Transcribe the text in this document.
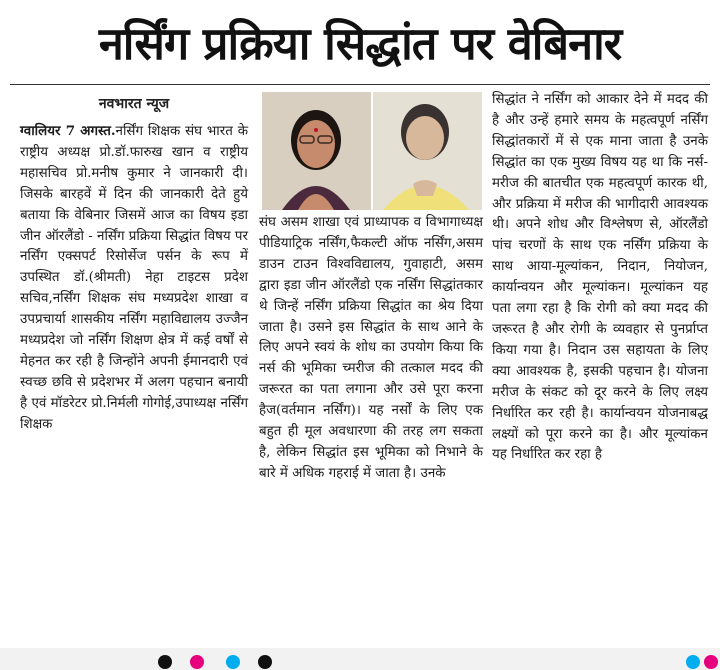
नर्सिंग प्रक्रिया सिद्धांत पर वेबिनार
नवभारत न्यूज

ग्वालियर 7 अगस्त.नर्सिंग शिक्षक संघ भारत के राष्ट्रीय अध्यक्ष प्रो.डॉ.फारुख खान व राष्ट्रीय महासचिव प्रो.मनीष कुमार ने जानकारी दी। जिसके बारहवें में दिन की जानकारी देते हुये बताया कि वेबिनार जिसमें आज का विषय इडा जीन ऑरलैंडो - नर्सिंग प्रक्रिया सिद्धांत विषय पर नर्सिंग एक्सपर्ट रिसोर्सेज पर्सन के रूप में उपस्थित डॉ.(श्रीमती) नेहा टाइटस प्रदेश सचिव,नर्सिंग शिक्षक संघ मध्यप्रदेश शाखा व उपप्रचार्या शासकीय नर्सिंग महाविद्यालय उज्जैन मध्यप्रदेश जो नर्सिंग शिक्षण क्षेत्र में कई वर्षों से मेहनत कर रही है जिन्होंने अपनी ईमानदारी एवं स्वच्छ छवि से प्रदेशभर में अलग पहचान बनायी है एवं मॉडरेटर प्रो.निर्मली गोगोई,उपाध्यक्ष नर्सिंग शिक्षक

संघ असम शाखा एवं प्राध्यापक व विभागाध्यक्ष पीडियाट्रिक नर्सिंग,फैकल्टी ऑफ नर्सिंग,असम डाउन टाउन विश्वविद्यालय, गुवाहाटी, असम द्वारा इडा जीन ऑरलैंडो एक नर्सिंग सिद्धांतकार थे जिन्हें नर्सिंग प्रक्रिया सिद्धांत का श्रेय दिया जाता है। उसने इस सिद्धांत के साथ आने के लिए अपने स्वयं के शोध का उपयोग किया कि नर्स की भूमिका च्मरीज की तत्काल मदद की जरूरत का पता लगाना और उसे पूरा करना हैज(वर्तमान नर्सिंग)। यह नर्सों के लिए एक बहुत ही मूल अवधारणा की तरह लग सकता है, लेकिन सिद्धांत इस भूमिका को निभाने के बारे में अधिक गहराई में जाता है। उनके

सिद्धांत ने नर्सिंग को आकार देने में मदद की है और उन्हें हमारे समय के महत्वपूर्ण नर्सिंग सिद्धांतकारों में से एक माना जाता है उनके सिद्धांत का एक मुख्य विषय यह था कि नर्स-मरीज की बातचीत एक महत्वपूर्ण कारक थी, और प्रक्रिया में मरीज की भागीदारी आवश्यक थी। अपने शोध और विश्लेषण से, ऑरलैंडो पांच चरणों के साथ एक नर्सिंग प्रक्रिया के साथ आया-मूल्यांकन, निदान, नियोजन, कार्यान्वयन और मूल्यांकन। मूल्यांकन यह पता लगा रहा है कि रोगी को क्या मदद की जरूरत है और रोगी के व्यवहार से पुनर्प्राप्त किया गया है। निदान उस सहायता के लिए क्या आवश्यक है, इसकी पहचान है। योजना मरीज के संकट को दूर करने के लिए लक्ष्य निर्धारित कर रही है। कार्यान्वयन योजनाबद्ध लक्ष्यों को पूरा करने का है। और मूल्यांकन यह निर्धारित कर रहा है
